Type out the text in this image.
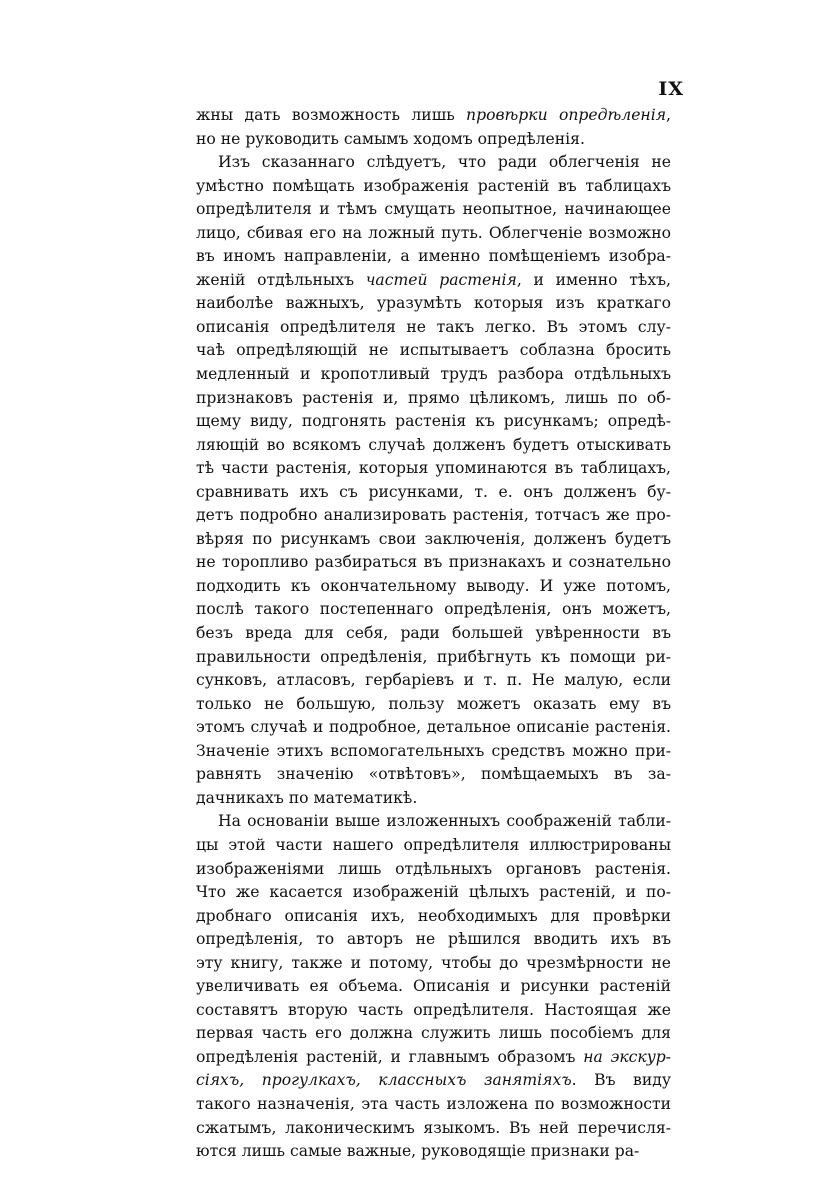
IX
жны дать возможность лишь провѣрки опредѣленія,
но не руководить самымъ ходомъ опредѣленія.
Изъ сказаннаго слѣдуетъ, что ради облегченія не
умѣстно помѣщать изображенія растеній въ таблицахъ
опредѣлителя и тѣмъ смущать неопытное, начинающее
лицо, сбивая его на ложный путь. Облегченіе возможно
въ иномъ направленіи, а именно помѣщеніемъ изобра-
женій отдѣльныхъ частей растенія, и именно тѣхъ,
наиболѣе важныхъ, уразумѣть которыя изъ краткаго
описанія опредѣлителя не такъ легко. Въ этомъ слу-
чаѣ опредѣляющій не испытываетъ соблазна бросить
медленный и кропотливый трудъ разбора отдѣльныхъ
признаковъ растенія и, прямо цѣликомъ, лишь по об-
щему виду, подгонять растенія къ рисункамъ; опредѣ-
ляющій во всякомъ случаѣ долженъ будетъ отыскивать
тѣ части растенія, которыя упоминаются въ таблицахъ,
сравнивать ихъ съ рисунками, т. е. онъ долженъ бу-
детъ подробно анализировать растенія, тотчасъ же про-
вѣряя по рисункамъ свои заключенія, долженъ будетъ
не торопливо разбираться въ признакахъ и сознательно
подходить къ окончательному выводу. И уже потомъ,
послѣ такого постепеннаго опредѣленія, онъ можетъ,
безъ вреда для себя, ради большей увѣренности въ
правильности опредѣленія, прибѣгнуть къ помощи ри-
сунковъ, атласовъ, гербаріевъ и т. п. Не малую, если
только не большую, пользу можетъ оказать ему въ
этомъ случаѣ и подробное, детальное описаніе растенія.
Значеніе этихъ вспомогательныхъ средствъ можно при-
равнять значенію «отвѣтовъ», помѣщаемыхъ въ за-
дачникахъ по математикѣ.
На основаніи выше изложенныхъ соображеній табли-
цы этой части нашего опредѣлителя иллюстрированы
изображеніями лишь отдѣльныхъ органовъ растенія.
Что же касается изображеній цѣлыхъ растеній, и по-
дробнаго описанія ихъ, необходимыхъ для провѣрки
опредѣленія, то авторъ не рѣшился вводить ихъ въ
эту книгу, также и потому, чтобы до чрезмѣрности не
увеличивать ея объема. Описанія и рисунки растеній
составятъ вторую часть опредѣлителя. Настоящая же
первая часть его должна служить лишь пособіемъ для
опредѣленія растеній, и главнымъ образомъ на экскур-
сіяхъ, прогулкахъ, классныхъ занятіяхъ. Въ виду
такого назначенія, эта часть изложена по возможности
сжатымъ, лаконическимъ языкомъ. Въ ней перечисля-
ются лишь самые важные, руководящіе признаки ра-
